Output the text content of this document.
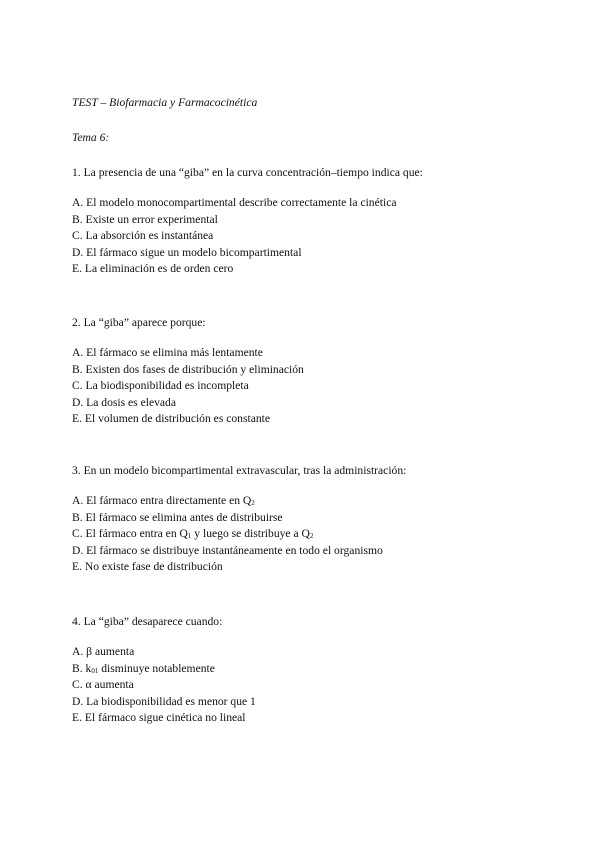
TEST – Biofarmacia y Farmacocinética
Tema 6:

1. La presencia de una “giba” en la curva concentración–tiempo indica que:

A. El modelo monocompartimental describe correctamente la cinética
B. Existe un error experimental
C. La absorción es instantánea
D. El fármaco sigue un modelo bicompartimental
E. La eliminación es de orden cero

2. La “giba” aparece porque:

A. El fármaco se elimina más lentamente
B. Existen dos fases de distribución y eliminación
C. La biodisponibilidad es incompleta
D. La dosis es elevada
E. El volumen de distribución es constante

3. En un modelo bicompartimental extravascular, tras la administración:

A. El fármaco entra directamente en $Q_2$
B. El fármaco se elimina antes de distribuirse
C. El fármaco entra en $Q_1$ y luego se distribuye a $Q_2$
D. El fármaco se distribuye instantáneamente en todo el organismo
E. No existe fase de distribución

4. La “giba” desaparece cuando:

A. β aumenta
B. $k_{01}$ disminuye notablemente
C. α aumenta
D. La biodisponibilidad es menor que 1
E. El fármaco sigue cinética no lineal
